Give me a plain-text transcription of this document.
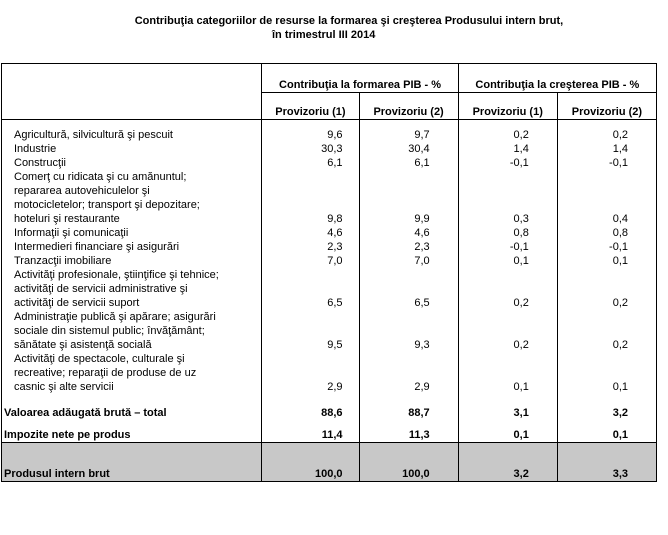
Contribuţia categoriilor de resurse la formarea şi creşterea Produsului intern brut,
în trimestrul III 2014
	Contribuţia la formarea PIB - %		Contribuţia la creşterea PIB - %	
	Provizoriu (1)	Provizoriu (2)	Provizoriu (1)	Provizoriu (2)

Agricultură, silvicultură şi pescuit	9,6	9,7	0,2	0,2

Industrie	30,3	30,4	1,4	1,4

Construcţii	6,1	6,1	-0,1	-0,1

Comerţ cu ridicata şi cu amănuntul;
repararea autovehiculelor şi
motocicletelor; transport şi depozitare;
hoteluri şi restaurante	9,8	9,9	0,3	0,4

Informaţii şi comunicaţii	4,6	4,6	0,8	0,8

Intermedieri financiare şi asigurări	2,3	2,3	-0,1	-0,1

Tranzacţii imobiliare	7,0	7,0	0,1	0,1

Activităţi profesionale, ştiinţifice şi tehnice;
activităţi de servicii administrative şi
activităţi de servicii suport	6,5	6,5	0,2	0,2

Administraţie publică şi apărare; asigurări
sociale din sistemul public; învăţământ;
sănătate şi asistenţă socială	9,5	9,3	0,2	0,2

Activităţi de spectacole, culturale şi
recreative; reparaţii de produse de uz
casnic şi alte servicii	2,9	2,9	0,1	0,1

Valoarea adăugată brută – total	88,6	88,7	3,1	3,2
Impozite nete pe produs	11,4	11,3	0,1	0,1
Produsul intern brut	100,0	100,0	3,2	3,3
